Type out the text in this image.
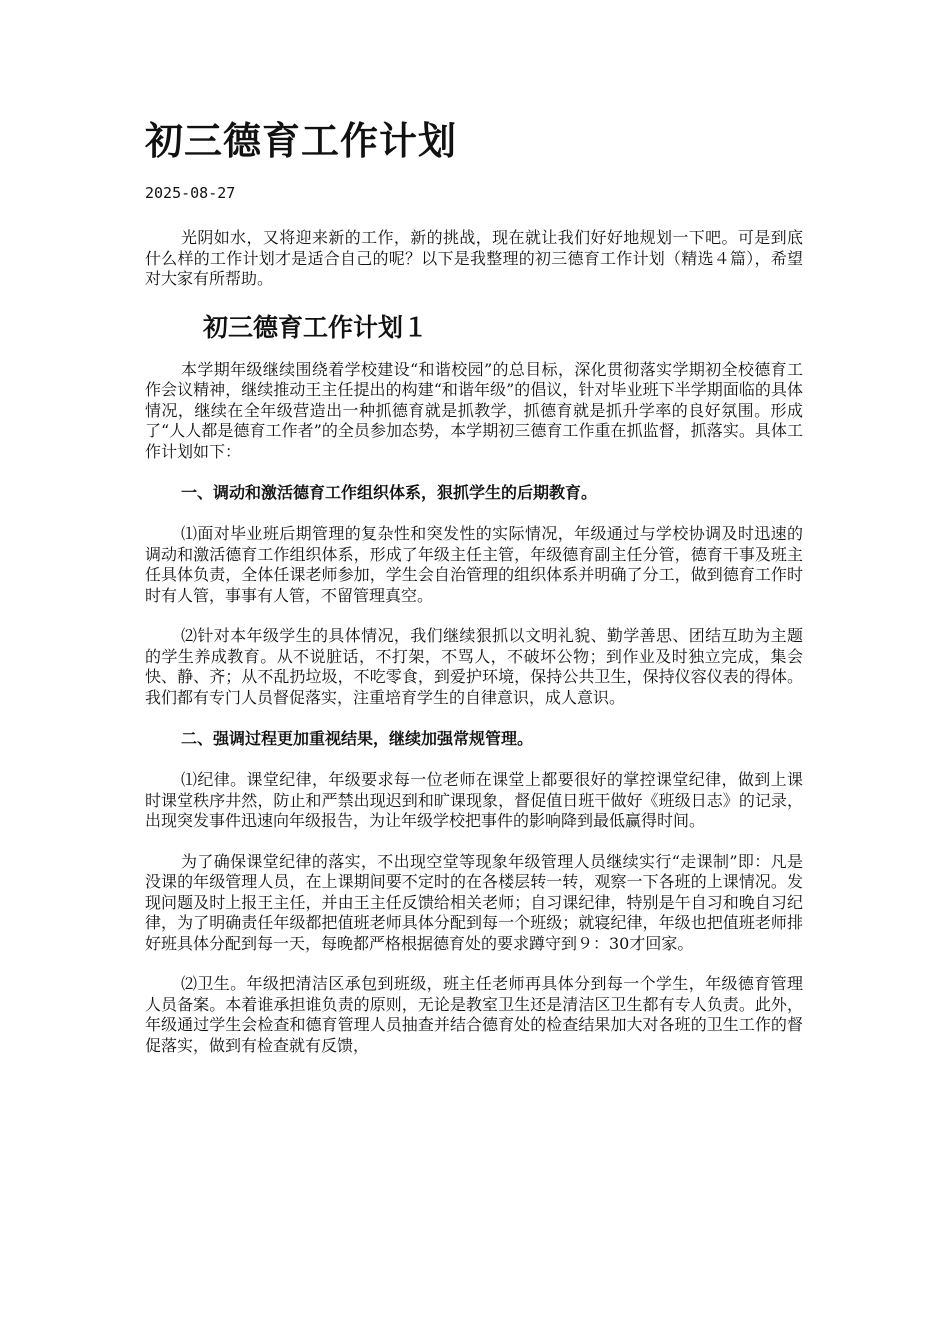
初三德育工作计划
2025-08-27

光阴如水，又将迎来新的工作，新的挑战，现在就让我们好好地规划一下吧。可是到底什么样的工作计划才是适合自己的呢？以下是我整理的初三德育工作计划（精选４篇），希望对大家有所帮助。

初三德育工作计划１

本学期年级继续围绕着学校建设“和谐校园”的总目标，深化贯彻落实学期初全校德育工作会议精神，继续推动王主任提出的构建“和谐年级”的倡议，针对毕业班下半学期面临的具体情况，继续在全年级营造出一种抓德育就是抓教学，抓德育就是抓升学率的良好氛围。形成了“人人都是德育工作者”的全员参加态势，本学期初三德育工作重在抓监督，抓落实。具体工作计划如下：

一、调动和激活德育工作组织体系，狠抓学生的后期教育。

⑴面对毕业班后期管理的复杂性和突发性的实际情况，年级通过与学校协调及时迅速的调动和激活德育工作组织体系，形成了年级主任主管，年级德育副主任分管，德育干事及班主任具体负责，全体任课老师参加，学生会自治管理的组织体系并明确了分工，做到德育工作时时有人管，事事有人管，不留管理真空。

⑵针对本年级学生的具体情况，我们继续狠抓以文明礼貌、勤学善思、团结互助为主题的学生养成教育。从不说脏话，不打架，不骂人，不破坏公物；到作业及时独立完成，集会快、静、齐；从不乱扔垃圾，不吃零食，到爱护环境，保持公共卫生，保持仪容仪表的得体。我们都有专门人员督促落实，注重培育学生的自律意识，成人意识。

二、强调过程更加重视结果，继续加强常规管理。

⑴纪律。课堂纪律，年级要求每一位老师在课堂上都要很好的掌控课堂纪律，做到上课时课堂秩序井然，防止和严禁出现迟到和旷课现象，督促值日班干做好《班级日志》的记录，出现突发事件迅速向年级报告，为让年级学校把事件的影响降到最低赢得时间。

为了确保课堂纪律的落实，不出现空堂等现象年级管理人员继续实行“走课制”即：凡是没课的年级管理人员，在上课期间要不定时的在各楼层转一转，观察一下各班的上课情况。发现问题及时上报王主任，并由王主任反馈给相关老师；自习课纪律，特别是午自习和晚自习纪律，为了明确责任年级都把值班老师具体分配到每一个班级；就寝纪律，年级也把值班老师排好班具体分配到每一天，每晚都严格根据德育处的要求蹲守到９：30才回家。

⑵卫生。年级把清洁区承包到班级，班主任老师再具体分到每一个学生，年级德育管理人员备案。本着谁承担谁负责的原则，无论是教室卫生还是清洁区卫生都有专人负责。此外，年级通过学生会检查和德育管理人员抽查并结合德育处的检查结果加大对各班的卫生工作的督促落实，做到有检查就有反馈，
